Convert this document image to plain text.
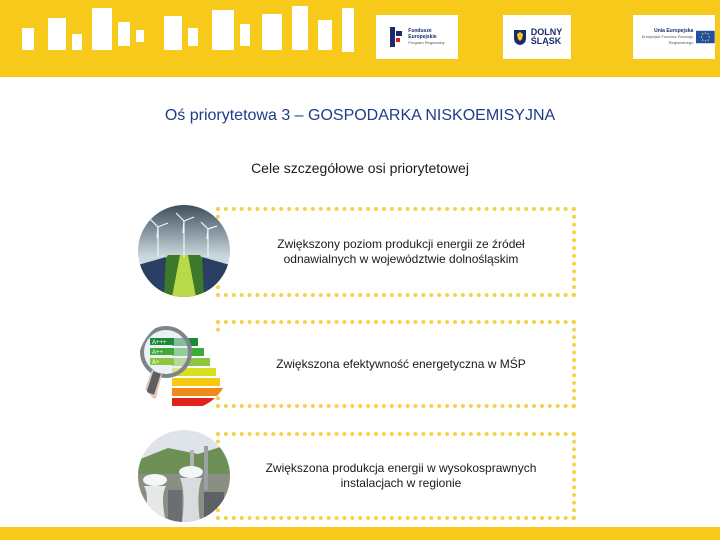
Fundusze
Europejskie
Program Regionalny
DOLNY
ŚLĄSK
Unia Europejska
Europejski Fundusz Rozwoju Regionalnego
Oś priorytetowa 3 – GOSPODARKA NISKOEMISYJNA
Cele szczegółowe osi priorytetowej
Zwiększony poziom produkcji energii ze źródeł odnawialnych w województwie dolnośląskim
Zwiększona efektywność energetyczna w MŚP
Zwiększona produkcja energii w wysokosprawnych instalacjach w regionie
A+++
A++
A+
